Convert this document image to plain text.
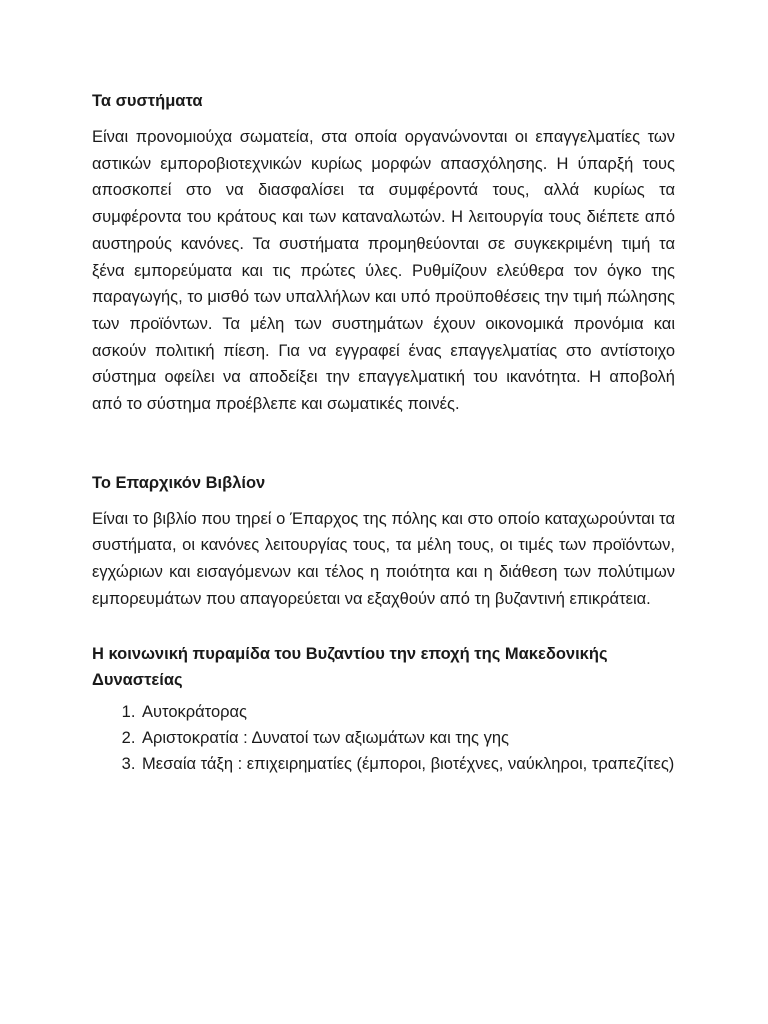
Τα συστήματα

Είναι προνομιούχα σωματεία, στα οποία οργανώνονται οι επαγγελματίες των αστικών εμποροβιοτεχνικών κυρίως μορφών απασχόλησης. Η ύπαρξή τους αποσκοπεί στο να διασφαλίσει τα συμφέροντά τους, αλλά κυρίως τα συμφέροντα του κράτους και των καταναλωτών. Η λειτουργία τους διέπετε από αυστηρούς κανόνες. Τα συστήματα προμηθεύονται σε συγκεκριμένη τιμή τα ξένα εμπορεύματα και τις πρώτες ύλες. Ρυθμίζουν ελεύθερα τον όγκο της παραγωγής, το μισθό των υπαλλήλων και υπό προϋποθέσεις την τιμή πώλησης των προϊόντων. Τα μέλη των συστημάτων έχουν οικονομικά προνόμια και ασκούν πολιτική πίεση. Για να εγγραφεί ένας επαγγελματίας στο αντίστοιχο σύστημα οφείλει να αποδείξει την επαγγελματική του ικανότητα. Η αποβολή από το σύστημα προέβλεπε και σωματικές ποινές.

Το Επαρχικόν Βιβλίον

Είναι το βιβλίο που τηρεί ο Έπαρχος της πόλης και στο οποίο καταχωρούνται τα συστήματα, οι κανόνες λειτουργίας τους, τα μέλη τους, οι τιμές των προϊόντων, εγχώριων και εισαγόμενων και τέλος η ποιότητα και η διάθεση των πολύτιμων εμπορευμάτων που απαγορεύεται να εξαχθούν από τη βυζαντινή επικράτεια.

Η κοινωνική πυραμίδα του Βυζαντίου την εποχή της Μακεδονικής Δυναστείας
1. Αυτοκράτορας
2. Αριστοκρατία : Δυνατοί των αξιωμάτων και της γης
3. Μεσαία τάξη : επιχειρηματίες (έμποροι, βιοτέχνες, ναύκληροι, τραπεζίτες)
